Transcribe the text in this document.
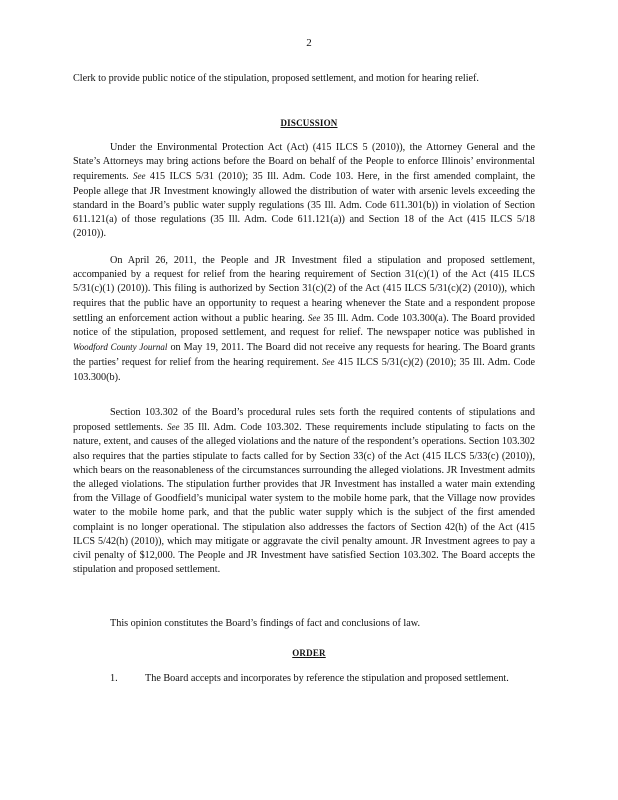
2

Clerk to provide public notice of the stipulation, proposed settlement, and motion for hearing relief.

DISCUSSION

Under the Environmental Protection Act (Act) (415 ILCS 5 (2010)), the Attorney General and the State’s Attorneys may bring actions before the Board on behalf of the People to enforce Illinois’ environmental requirements. See 415 ILCS 5/31 (2010); 35 Ill. Adm. Code 103. Here, in the first amended complaint, the People allege that JR Investment knowingly allowed the distribution of water with arsenic levels exceeding the standard in the Board’s public water supply regulations (35 Ill. Adm. Code 611.301(b)) in violation of Section 611.121(a) of those regulations (35 Ill. Adm. Code 611.121(a)) and Section 18 of the Act (415 ILCS 5/18 (2010)).

On April 26, 2011, the People and JR Investment filed a stipulation and proposed settlement, accompanied by a request for relief from the hearing requirement of Section 31(c)(1) of the Act (415 ILCS 5/31(c)(1) (2010)). This filing is authorized by Section 31(c)(2) of the Act (415 ILCS 5/31(c)(2) (2010)), which requires that the public have an opportunity to request a hearing whenever the State and a respondent propose settling an enforcement action without a public hearing. See 35 Ill. Adm. Code 103.300(a). The Board provided notice of the stipulation, proposed settlement, and request for relief. The newspaper notice was published in Woodford County Journal on May 19, 2011. The Board did not receive any requests for hearing. The Board grants the parties’ request for relief from the hearing requirement. See 415 ILCS 5/31(c)(2) (2010); 35 Ill. Adm. Code 103.300(b).

Section 103.302 of the Board’s procedural rules sets forth the required contents of stipulations and proposed settlements. See 35 Ill. Adm. Code 103.302. These requirements include stipulating to facts on the nature, extent, and causes of the alleged violations and the nature of the respondent’s operations. Section 103.302 also requires that the parties stipulate to facts called for by Section 33(c) of the Act (415 ILCS 5/33(c) (2010)), which bears on the reasonableness of the circumstances surrounding the alleged violations. JR Investment admits the alleged violations. The stipulation further provides that JR Investment has installed a water main extending from the Village of Goodfield’s municipal water system to the mobile home park, that the Village now provides water to the mobile home park, and that the public water supply which is the subject of the first amended complaint is no longer operational. The stipulation also addresses the factors of Section 42(h) of the Act (415 ILCS 5/42(h) (2010)), which may mitigate or aggravate the civil penalty amount. JR Investment agrees to pay a civil penalty of $12,000. The People and JR Investment have satisfied Section 103.302. The Board accepts the stipulation and proposed settlement.

This opinion constitutes the Board’s findings of fact and conclusions of law.

ORDER
1.	The Board accepts and incorporates by reference the stipulation and proposed settlement.
